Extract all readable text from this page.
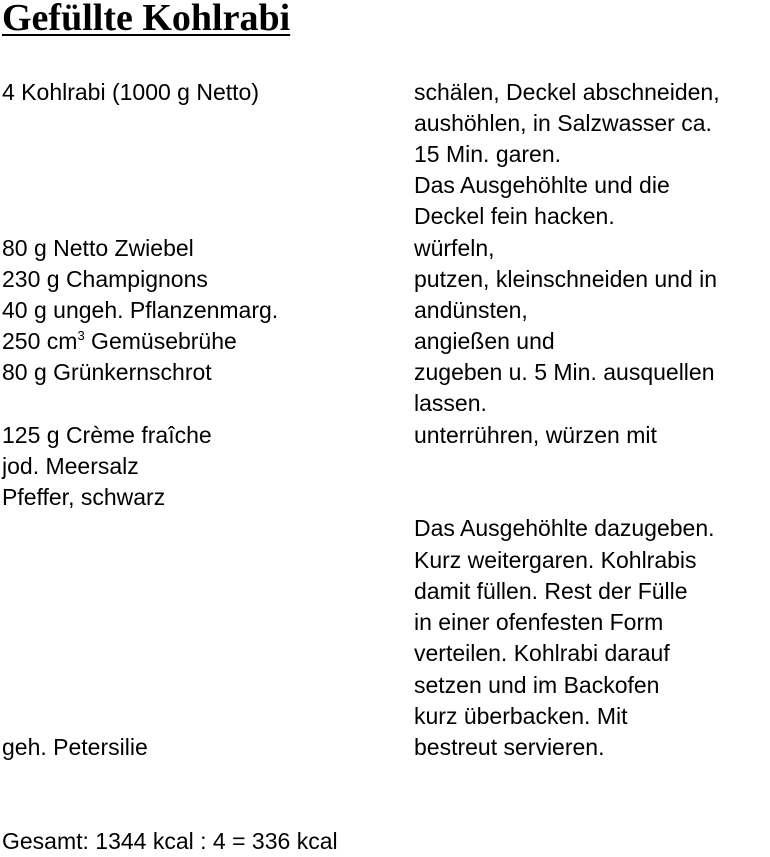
Gefüllte Kohlrabi
4 Kohlrabi (1000 g Netto)
80 g Netto Zwiebel
230 g Champignons
40 g ungeh. Pflanzenmarg.
250 $cm^3$ Gemüsebrühe
80 g Grünkernschrot
125 g Crème fraîche
jod. Meersalz
Pfeffer, schwarz
geh. Petersilie
schälen, Deckel abschneiden,
aushöhlen, in Salzwasser ca.
15 Min. garen.
Das Ausgehöhlte und die
Deckel fein hacken.
würfeln,
putzen, kleinschneiden und in
andünsten,
angießen und
zugeben u. 5 Min. ausquellen
lassen.
unterrühren, würzen mit
Das Ausgehöhlte dazugeben.
Kurz weitergaren. Kohlrabis
damit füllen. Rest der Fülle
in einer ofenfesten Form
verteilen. Kohlrabi darauf
setzen und im Backofen
kurz überbacken. Mit
bestreut servieren.
Gesamt: 1344 kcal : 4 = 336 kcal
